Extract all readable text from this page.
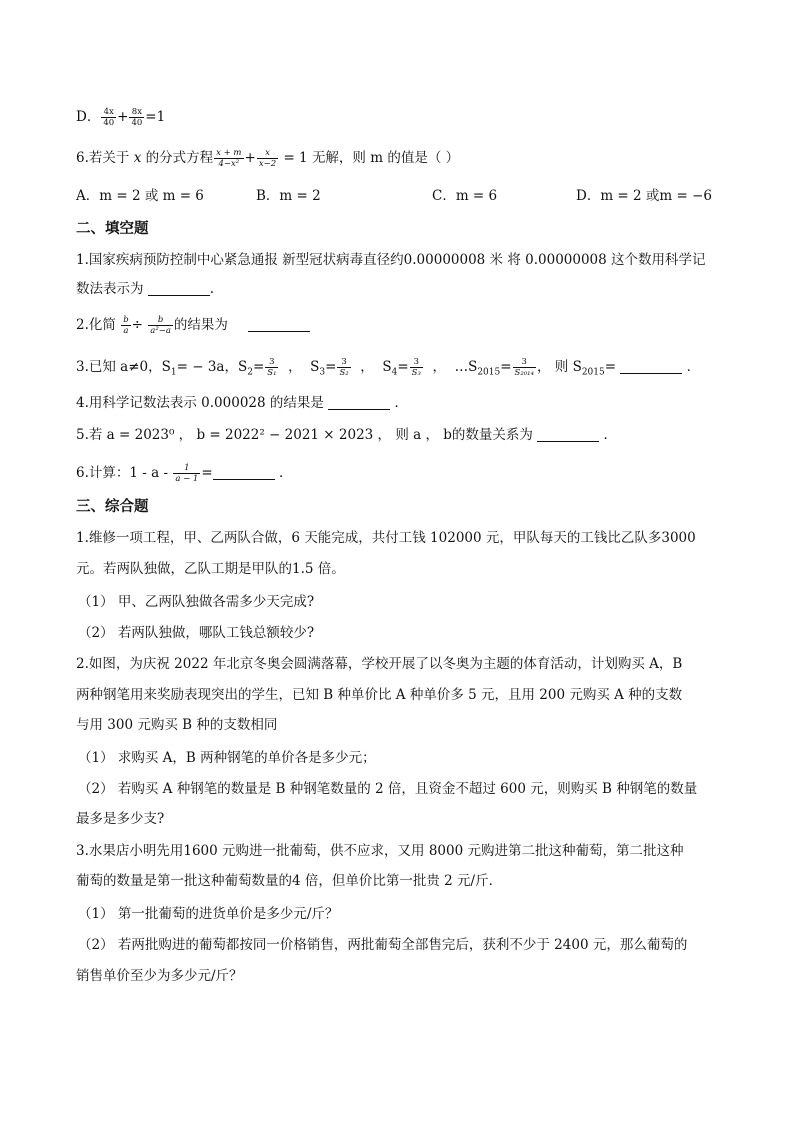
D． $\frac{4x}{40} + \frac{8x}{40} =1$
6.若关于 x 的分式方程 $\frac{x + m}{\text{4−x²}} + \frac{x}{x-2} = 1$ 无解，则 m 的值是（ ）
A．m = 2 或 m = 6	B．m = 2	C．m = 6	D．m = 2 或m = −6
二、填空题
1.国家疾病预防控制中心紧急通报 新型冠状病毒直径约0.00000008 米 将 0.00000008 这个数用科学记
数法表示为	.
2.化简 $\frac{b}{a} \div \frac{b}{\text{a²−a}}$ 的结果为
3.已知 a≠0，$S_1= - 3a$，$S_2= \frac{3}{\text{S₁}}$ ，  $S_3= \frac{3}{\text{S₂}}$ ，  $S_4= \frac{3}{\text{S₃}}$ ，  $\dots S_{2015}= \frac{3}{\text{S₂₀₁₄}}$ ， 则 $S_{2015}=$	．
4.用科学记数法表示 0.000028 的结果是	．
5.若 a = 2023⁰ ， b = 2022² − 2021 × 2023 ， 则 a ， b的数量关系为	．
6.计算：1 - a - $\frac{1}{a - 1}$ =	．
三、综合题
1.维修一项工程，甲、乙两队合做，6 天能完成，共付工钱 102000 元，甲队每天的工钱比乙队多3000
元。若两队独做，乙队工期是甲队的1.5 倍。
（1） 甲、乙两队独做各需多少天完成?
（2） 若两队独做，哪队工钱总额较少?
2.如图，为庆祝 2022 年北京冬奥会圆满落幕，学校开展了以冬奥为主题的体育活动，计划购买 A，B
两种钢笔用来奖励表现突出的学生，已知 B 种单价比 A 种单价多 5 元，且用 200 元购买 A 种的支数
与用 300 元购买 B 种的支数相同
（1） 求购买 A，B 两种钢笔的单价各是多少元；
（2） 若购买 A 种钢笔的数量是 B 种钢笔数量的 2 倍，且资金不超过 600 元，则购买 B 种钢笔的数量
最多是多少支?
3.水果店小明先用1600 元购进一批葡萄，供不应求，又用 8000 元购进第二批这种葡萄，第二批这种
葡萄的数量是第一批这种葡萄数量的4 倍，但单价比第一批贵 2 元/斤．
（1） 第一批葡萄的进货单价是多少元/斤？
（2） 若两批购进的葡萄都按同一价格销售，两批葡萄全部售完后，获利不少于 2400 元，那么葡萄的
销售单价至少为多少元/斤？
